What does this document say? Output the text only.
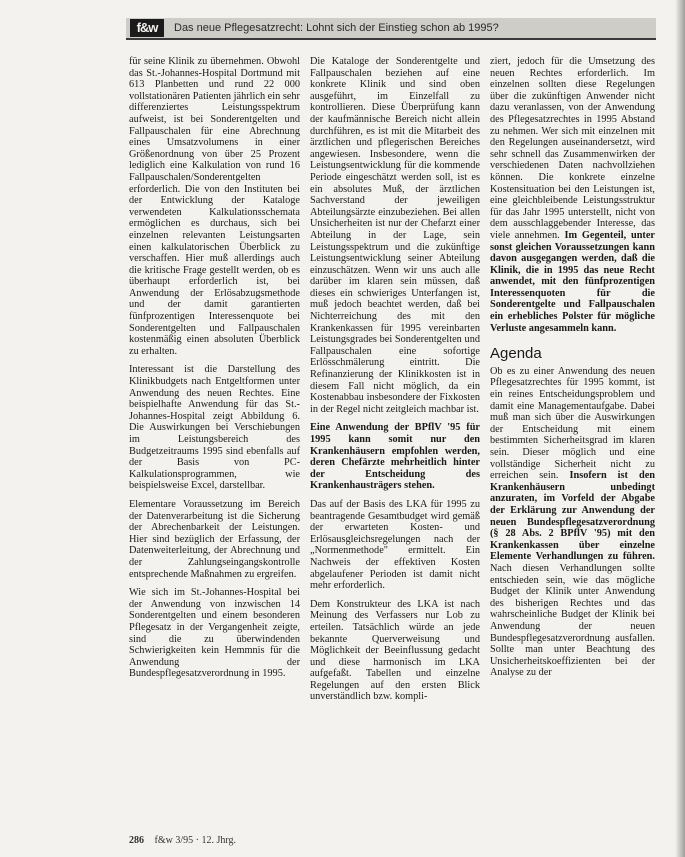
f&w	Das neue Pflegesatzrecht: Lohnt sich der Einstieg schon ab 1995?

für seine Klinik zu übernehmen. Obwohl das St.-Johannes-Hospital Dortmund mit 613 Planbetten und rund 22 000 vollstationären Patienten jährlich ein sehr differenziertes Leistungsspektrum aufweist, ist bei Sonderentgelten und Fallpauschalen für eine Abrechnung eines Umsatzvolumens in einer Größenordnung von über 25 Prozent lediglich eine Kalkulation von rund 16 Fallpauschalen/Sonderentgelten erforderlich. Die von den Instituten bei der Entwicklung der Kataloge verwendeten Kalkulationsschemata ermöglichen es durchaus, sich bei einzelnen relevanten Leistungsarten einen kalkulatorischen Überblick zu verschaffen. Hier muß allerdings auch die kritische Frage gestellt werden, ob es überhaupt erforderlich ist, bei Anwendung der Erlösabzugsmethode und der damit garantierten fünfprozentigen Interessenquote bei Sonderentgelten und Fallpauschalen kostenmäßig einen absoluten Überblick zu erhalten.

Interessant ist die Darstellung des Klinikbudgets nach Entgeltformen unter Anwendung des neuen Rechtes. Eine beispielhafte Anwendung für das St.-Johannes-Hospital zeigt Abbildung 6. Die Auswirkungen bei Verschiebungen im Leistungsbereich des Budgetzeitraums 1995 sind ebenfalls auf der Basis von PC-Kalkulationsprogrammen, wie beispielsweise Excel, darstellbar.

Elementare Voraussetzung im Bereich der Datenverarbeitung ist die Sicherung der Abrechenbarkeit der Leistungen. Hier sind bezüglich der Erfassung, der Datenweiterleitung, der Abrechnung und der Zahlungseingangskontrolle entsprechende Maßnahmen zu ergreifen.

Wie sich im St.-Johannes-Hospital bei der Anwendung von inzwischen 14 Sonderentgelten und einem besonderen Pflegesatz in der Vergangenheit zeigte, sind die zu überwindenden Schwierigkeiten kein Hemmnis für die Anwendung der Bundespflegesatzverordnung in 1995.

Die Kataloge der Sonderentgelte und Fallpauschalen beziehen auf eine konkrete Klinik und sind oben ausgeführt, im Einzelfall zu kontrollieren. Diese Überprüfung kann der kaufmännische Bereich nicht allein durchführen, es ist mit die Mitarbeit des ärztlichen und pflegerischen Bereiches angewiesen. Insbesondere, wenn die Leistungsentwicklung für die kommende Periode eingeschätzt werden soll, ist es ein absolutes Muß, der ärztlichen Sachverstand der jeweiligen Abteilungsärzte einzubeziehen. Bei allen Unsicherheiten ist nur der Chefarzt einer Abteilung in der Lage, sein Leistungsspektrum und die zukünftige Leistungsentwicklung seiner Abteilung einzuschätzen. Wenn wir uns auch alle darüber im klaren sein müssen, daß dieses ein schwieriges Unterfangen ist, muß jedoch beachtet werden, daß bei Nichterreichung des mit den Krankenkassen für 1995 vereinbarten Leistungsgrades bei Sonderentgelten und Fallpauschalen eine sofortige Erlösschmälerung eintritt. Die Refinanzierung der Klinikkosten ist in diesem Fall nicht möglich, da ein Kostenabbau insbesondere der Fixkosten in der Regel nicht zeitgleich machbar ist.

Eine Anwendung der BPflV '95 für 1995 kann somit nur den Krankenhäusern empfohlen werden, deren Chefärzte mehrheitlich hinter der Entscheidung des Krankenhausträgers stehen.

Das auf der Basis des LKA für 1995 zu beantragende Gesamtbudget wird gemäß der erwarteten Kosten- und Erlösausgleichsregelungen nach der „Normenmethode" ermittelt. Ein Nachweis der effektiven Kosten abgelaufener Perioden ist damit nicht mehr erforderlich.

Dem Konstrukteur des LKA ist nach Meinung des Verfassers nur Lob zu erteilen. Tatsächlich würde an jede bekannte Querverweisung und Möglichkeit der Beeinflussung gedacht und diese harmonisch im LKA aufgefaßt. Tabellen und einzelne Regelungen auf den ersten Blick unverständlich bzw. kompli-

ziert, jedoch für die Umsetzung des neuen Rechtes erforderlich. Im einzelnen sollten diese Regelungen über die zukünftigen Anwender nicht dazu veranlassen, von der Anwendung des Pflegesatzrechtes in 1995 Abstand zu nehmen. Wer sich mit einzelnen mit den Regelungen auseinandersetzt, wird sehr schnell das Zusammenwirken der verschiedenen Daten nachvollziehen können. Die konkrete einzelne Kostensituation bei den Leistungen ist, eine gleichbleibende Leistungsstruktur für das Jahr 1995 unterstellt, nicht von dem ausschlaggebender Interesse, das viele annehmen. Im Gegenteil, unter sonst gleichen Voraussetzungen kann davon ausgegangen werden, daß die Klinik, die in 1995 das neue Recht anwendet, mit den fünfprozentigen Interessenquoten für die Sonderentgelte und Fallpauschalen ein erhebliches Polster für mögliche Verluste angesammeln kann.

Agenda

Ob es zu einer Anwendung des neuen Pflegesatzrechtes für 1995 kommt, ist ein reines Entscheidungsproblem und damit eine Managementaufgabe. Dabei muß man sich über die Auswirkungen der Entscheidung mit einem bestimmten Sicherheitsgrad im klaren sein. Dieser möglich und eine vollständige Sicherheit nicht zu erreichen sein. Insofern ist den Krankenhäusern unbedingt anzuraten, im Vorfeld der Abgabe der Erklärung zur Anwendung der neuen Bundespflegesatzverordnung (§ 28 Abs. 2 BPflV '95) mit den Krankenkassen über einzelne Elemente Verhandlungen zu führen. Nach diesen Verhandlungen sollte entschieden sein, wie das mögliche Budget der Klinik unter Anwendung des bisherigen Rechtes und das wahrscheinliche Budget der Klinik bei Anwendung der neuen Bundespflegesatzverordnung ausfallen. Sollte man unter Beachtung des Unsicherheitskoeffizienten bei der Analyse zu der

286 f&w 3/95 · 12. Jhrg.
